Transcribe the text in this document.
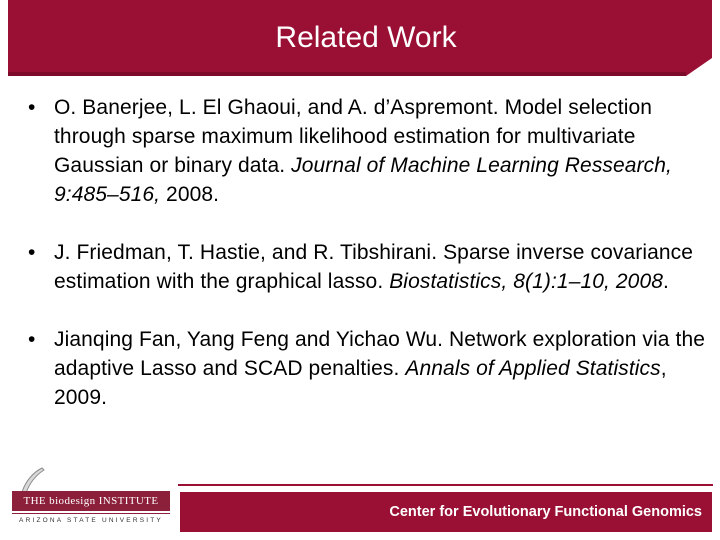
Related Work
• O. Banerjee, L. El Ghaoui, and A. d’Aspremont. Model selection through sparse maximum likelihood estimation for multivariate Gaussian or binary data. Journal of Machine Learning Ressearch, 9:485–516, 2008.
• J. Friedman, T. Hastie, and R. Tibshirani. Sparse inverse covariance estimation with the graphical lasso. Biostatistics, 8(1):1–10, 2008.
• Jianqing Fan, Yang Feng and Yichao Wu. Network exploration via the adaptive Lasso and SCAD penalties. Annals of Applied Statistics, 2009.
THE biodesign INSTITUTE
ARIZONA STATE UNIVERSITY
Center for Evolutionary Functional Genomics
